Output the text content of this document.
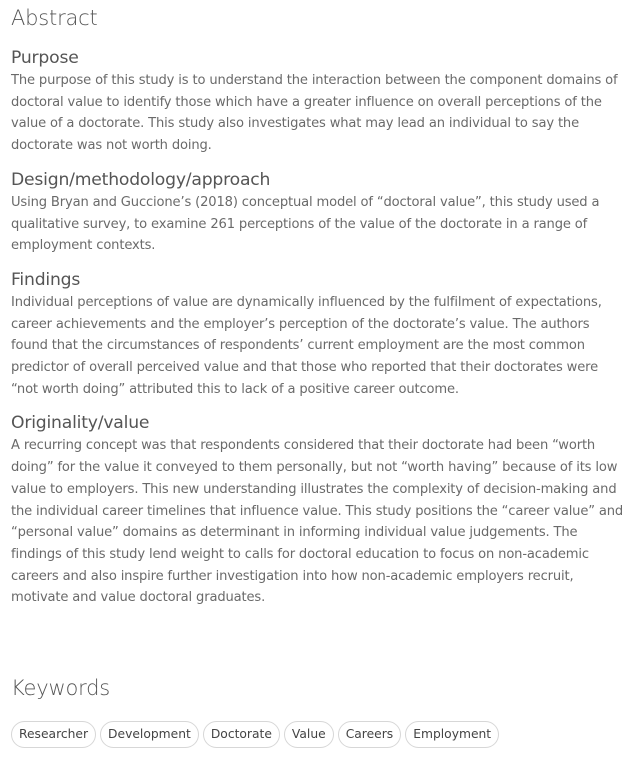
Abstract
Purpose

The purpose of this study is to understand the interaction between the component domains of doctoral value to identify those which have a greater influence on overall perceptions of the value of a doctorate. This study also investigates what may lead an individual to say the doctorate was not worth doing.

Design/methodology/approach

Using Bryan and Guccione’s (2018) conceptual model of “doctoral value”, this study used a qualitative survey, to examine 261 perceptions of the value of the doctorate in a range of employment contexts.

Findings

Individual perceptions of value are dynamically influenced by the fulfilment of expectations, career achievements and the employer’s perception of the doctorate’s value. The authors found that the circumstances of respondents’ current employment are the most common predictor of overall perceived value and that those who reported that their doctorates were “not worth doing” attributed this to lack of a positive career outcome.

Originality/value

A recurring concept was that respondents considered that their doctorate had been “worth doing” for the value it conveyed to them personally, but not “worth having” because of its low value to employers. This new understanding illustrates the complexity of decision-making and the individual career timelines that influence value. This study positions the “career value” and “personal value” domains as determinant in informing individual value judgements. The findings of this study lend weight to calls for doctoral education to focus on non-academic careers and also inspire further investigation into how non-academic employers recruit, motivate and value doctoral graduates.

Keywords
Researcher	Development	Doctorate	Value	Careers	Employment
